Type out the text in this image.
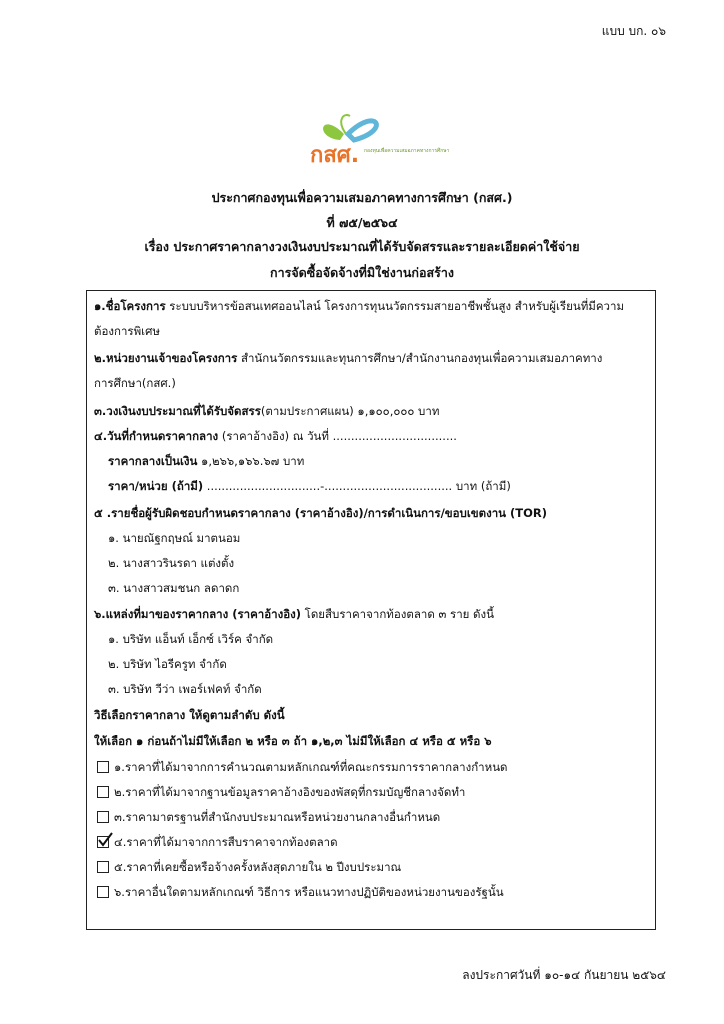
แบบ บก. ๐๖
กสศ. กองทุนเพื่อความเสมอภาคทางการศึกษา
ประกาศกองทุนเพื่อความเสมอภาคทางการศึกษา (กสศ.)
ที่ ๗๕/๒๕๖๔
เรื่อง ประกาศราคากลางวงเงินงบประมาณที่ได้รับจัดสรรและรายละเอียดค่าใช้จ่าย
การจัดซื้อจัดจ้างที่มิใช่งานก่อสร้าง
๑.ชื่อโครงการ ระบบบริหารข้อสนเทศออนไลน์ โครงการทุนนวัตกรรมสายอาชีพชั้นสูง สำหรับผู้เรียนที่มีความ
ต้องการพิเศษ
๒.หน่วยงานเจ้าของโครงการ สำนักนวัตกรรมและทุนการศึกษา/สำนักงานกองทุนเพื่อความเสมอภาคทาง
การศึกษา(กสศ.)
๓.วงเงินงบประมาณที่ได้รับจัดสรร(ตามประกาศแผน) ๑,๑๐๐,๐๐๐ บาท
๔.วันที่กำหนดราคากลาง (ราคาอ้างอิง) ณ วันที่ ..................................
ราคากลางเป็นเงิน ๑,๒๖๖,๑๖๖.๖๗ บาท
ราคา/หน่วย (ถ้ามี) ...............................-................................... บาท (ถ้ามี)
๕ .รายชื่อผู้รับผิดชอบกำหนดราคากลาง (ราคาอ้างอิง)/การดำเนินการ/ขอบเขตงาน (TOR)
๑. นายณัฐกฤษณ์ มาตนอม
๒. นางสาวรินรดา แต่งตั้ง
๓. นางสาวสมชนก ลดาดก
๖.แหล่งที่มาของราคากลาง (ราคาอ้างอิง) โดยสืบราคาจากท้องตลาด ๓ ราย ดังนี้
๑. บริษัท แอ็นท์ เอ็กซ์ เวิร์ค จำกัด
๒. บริษัท ไอรีครูท จำกัด
๓. บริษัท วีว่า เพอร์เฟคท์ จำกัด
วิธีเลือกราคากลาง ให้ดูตามลำดับ ดังนี้
ให้เลือก ๑ ก่อนถ้าไม่มีให้เลือก ๒ หรือ ๓ ถ้า ๑,๒,๓ ไม่มีให้เลือก ๔ หรือ ๕ หรือ ๖
๑.ราคาที่ได้มาจากการคำนวณตามหลักเกณฑ์ที่คณะกรรมการราคากลางกำหนด
๒.ราคาที่ได้มาจากฐานข้อมูลราคาอ้างอิงของพัสดุที่กรมบัญชีกลางจัดทำ
๓.ราคามาตรฐานที่สำนักงบประมาณหรือหน่วยงานกลางอื่นกำหนด
๔.ราคาที่ได้มาจากการสืบราคาจากท้องตลาด
๕.ราคาที่เคยซื้อหรือจ้างครั้งหลังสุดภายใน ๒ ปีงบประมาณ
๖.ราคาอื่นใดตามหลักเกณฑ์ วิธีการ หรือแนวทางปฏิบัติของหน่วยงานของรัฐนั้น
ลงประกาศวันที่ ๑๐-๑๔ กันยายน ๒๕๖๔
